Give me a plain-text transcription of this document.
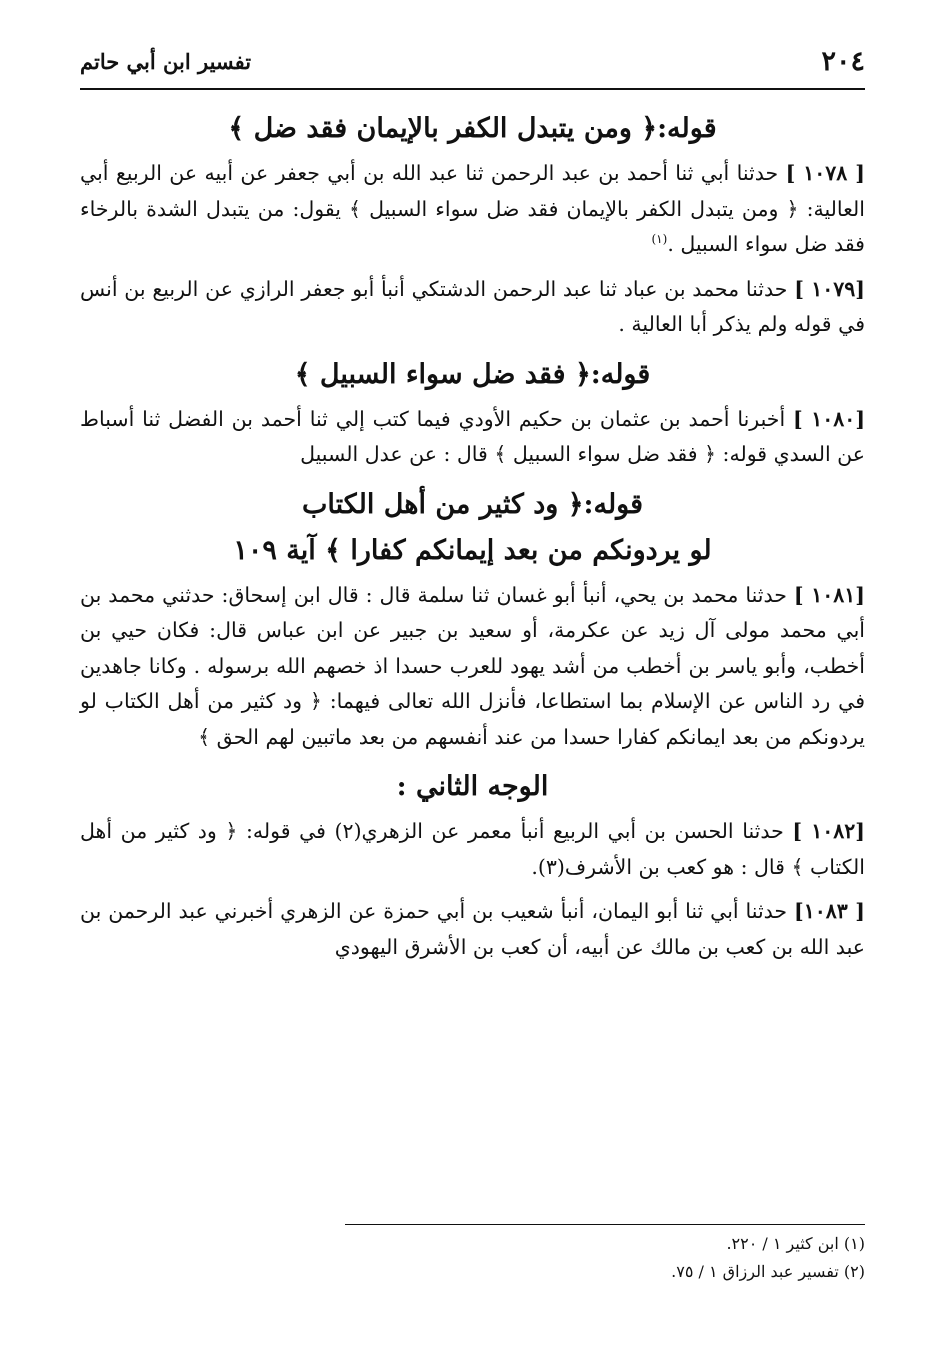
٢٠٤
تفسير ابن أبي حاتم
قوله:﴿ ومن يتبدل الكفر بالإيمان فقد ضل ﴾
[ ١٠٧٨ ] حدثنا أبي ثنا أحمد بن عبد الرحمن ثنا عبد الله بن أبي جعفر عن أبيه عن الربيع أبي العالية: ﴿ ومن يتبدل الكفر بالإيمان فقد ضل سواء السبيل ﴾ يقول: من يتبدل الشدة بالرخاء فقد ضل سواء السبيل .$^{(١)}$
[١٠٧٩ ] حدثنا محمد بن عباد ثنا عبد الرحمن الدشتكي أنبأ أبو جعفر الرازي عن الربيع بن أنس في قوله ولم يذكر أبا العالية .
قوله:﴿ فقد ضل سواء السبيل ﴾
[١٠٨٠ ] أخبرنا أحمد بن عثمان بن حكيم الأودي فيما كتب إلي ثنا أحمد بن الفضل ثنا أسباط عن السدي قوله: ﴿ فقد ضل سواء السبيل ﴾ قال : عن عدل السبيل
قوله:﴿ ود كثير من أهل الكتاب
لو يردونكم من بعد إيمانكم كفارا ﴾ آية ١٠٩
[١٠٨١ ] حدثنا محمد بن يحي، أنبأ أبو غسان ثنا سلمة قال : قال ابن إسحاق: حدثني محمد بن أبي محمد مولى آل زيد عن عكرمة، أو سعيد بن جبير عن ابن عباس قال: فكان حيي بن أخطب، وأبو ياسر بن أخطب من أشد يهود للعرب حسدا اذ خصهم الله برسوله . وكانا جاهدين في رد الناس عن الإسلام بما استطاعا، فأنزل الله تعالى فيهما: ﴿ ود كثير من أهل الكتاب لو يردونكم من بعد ايمانكم كفارا حسدا من عند أنفسهم من بعد ماتبين لهم الحق ﴾
الوجه الثاني :
[١٠٨٢ ] حدثنا الحسن بن أبي الربيع أنبأ معمر عن الزهري(٢) في قوله: ﴿ ود كثير من أهل الكتاب ﴾ قال : هو كعب بن الأشرف(٣).
[ ١٠٨٣] حدثنا أبي ثنا أبو اليمان، أنبأ شعيب بن أبي حمزة عن الزهري أخبرني عبد الرحمن بن عبد الله بن كعب بن مالك عن أبيه، أن كعب بن الأشرق اليهودي
(١) ابن كثير ١ / ٢٢٠.
(٢) تفسير عبد الرزاق ١ / ٧٥.
